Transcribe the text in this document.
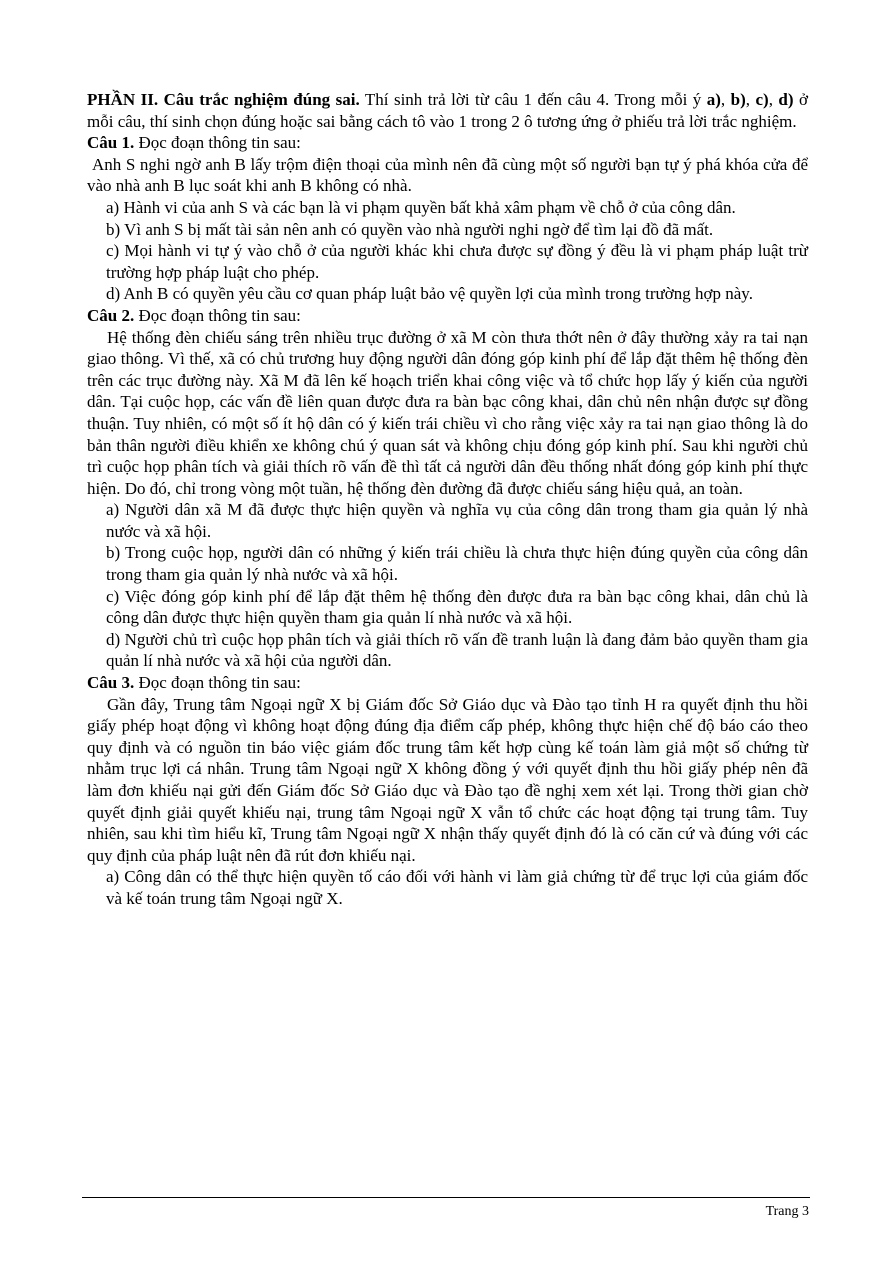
PHẦN II. Câu trắc nghiệm đúng sai. Thí sinh trả lời từ câu 1 đến câu 4. Trong mỗi ý a), b), c), d) ở mỗi câu, thí sinh chọn đúng hoặc sai bằng cách tô vào 1 trong 2 ô tương ứng ở phiếu trả lời trắc nghiệm.

Câu 1. Đọc đoạn thông tin sau:

Anh S nghi ngờ anh B lấy trộm điện thoại của mình nên đã cùng một số người bạn tự ý phá khóa cửa để vào nhà anh B lục soát khi anh B không có nhà.

a) Hành vi của anh S và các bạn là vi phạm quyền bất khả xâm phạm về chỗ ở của công dân.

b) Vì anh S bị mất tài sản nên anh có quyền vào nhà người nghi ngờ để tìm lại đồ đã mất.

c) Mọi hành vi tự ý vào chỗ ở của người khác khi chưa được sự đồng ý đều là vi phạm pháp luật trừ trường hợp pháp luật cho phép.

d) Anh B có quyền yêu cầu cơ quan pháp luật bảo vệ quyền lợi của mình trong trường hợp này.

Câu 2. Đọc đoạn thông tin sau:

Hệ thống đèn chiếu sáng trên nhiều trục đường ở xã M còn thưa thớt nên ở đây thường xảy ra tai nạn giao thông. Vì thế, xã có chủ trương huy động người dân đóng góp kinh phí để lắp đặt thêm hệ thống đèn trên các trục đường này. Xã M đã lên kế hoạch triển khai công việc và tổ chức họp lấy ý kiến của người dân. Tại cuộc họp, các vấn đề liên quan được đưa ra bàn bạc công khai, dân chủ nên nhận được sự đồng thuận. Tuy nhiên, có một số ít hộ dân có ý kiến trái chiều vì cho rằng việc xảy ra tai nạn giao thông là do bản thân người điều khiển xe không chú ý quan sát và không chịu đóng góp kinh phí. Sau khi người chủ trì cuộc họp phân tích và giải thích rõ vấn đề thì tất cả người dân đều thống nhất đóng góp kinh phí thực hiện. Do đó, chỉ trong vòng một tuần, hệ thống đèn đường đã được chiếu sáng hiệu quả, an toàn.

a) Người dân xã M đã được thực hiện quyền và nghĩa vụ của công dân trong tham gia quản lý nhà nước và xã hội.

b) Trong cuộc họp, người dân có những ý kiến trái chiều là chưa thực hiện đúng quyền của công dân trong tham gia quản lý nhà nước và xã hội.

c) Việc đóng góp kinh phí để lắp đặt thêm hệ thống đèn được đưa ra bàn bạc công khai, dân chủ là công dân được thực hiện quyền tham gia quản lí nhà nước và xã hội.

d) Người chủ trì cuộc họp phân tích và giải thích rõ vấn đề tranh luận là đang đảm bảo quyền tham gia quản lí nhà nước và xã hội của người dân.

Câu 3. Đọc đoạn thông tin sau:

Gần đây, Trung tâm Ngoại ngữ X bị Giám đốc Sở Giáo dục và Đào tạo tỉnh H ra quyết định thu hồi giấy phép hoạt động vì không hoạt động đúng địa điểm cấp phép, không thực hiện chế độ báo cáo theo quy định và có nguồn tin báo việc giám đốc trung tâm kết hợp cùng kế toán làm giả một số chứng từ nhằm trục lợi cá nhân. Trung tâm Ngoại ngữ X không đồng ý với quyết định thu hồi giấy phép nên đã làm đơn khiếu nại gửi đến Giám đốc Sở Giáo dục và Đào tạo đề nghị xem xét lại. Trong thời gian chờ quyết định giải quyết khiếu nại, trung tâm Ngoại ngữ X vẫn tổ chức các hoạt động tại trung tâm. Tuy nhiên, sau khi tìm hiểu kĩ, Trung tâm Ngoại ngữ X nhận thấy quyết định đó là có căn cứ và đúng với các quy định của pháp luật nên đã rút đơn khiếu nại.

a) Công dân có thể thực hiện quyền tố cáo đối với hành vi làm giả chứng từ để trục lợi của giám đốc và kế toán trung tâm Ngoại ngữ X.

Trang 3
